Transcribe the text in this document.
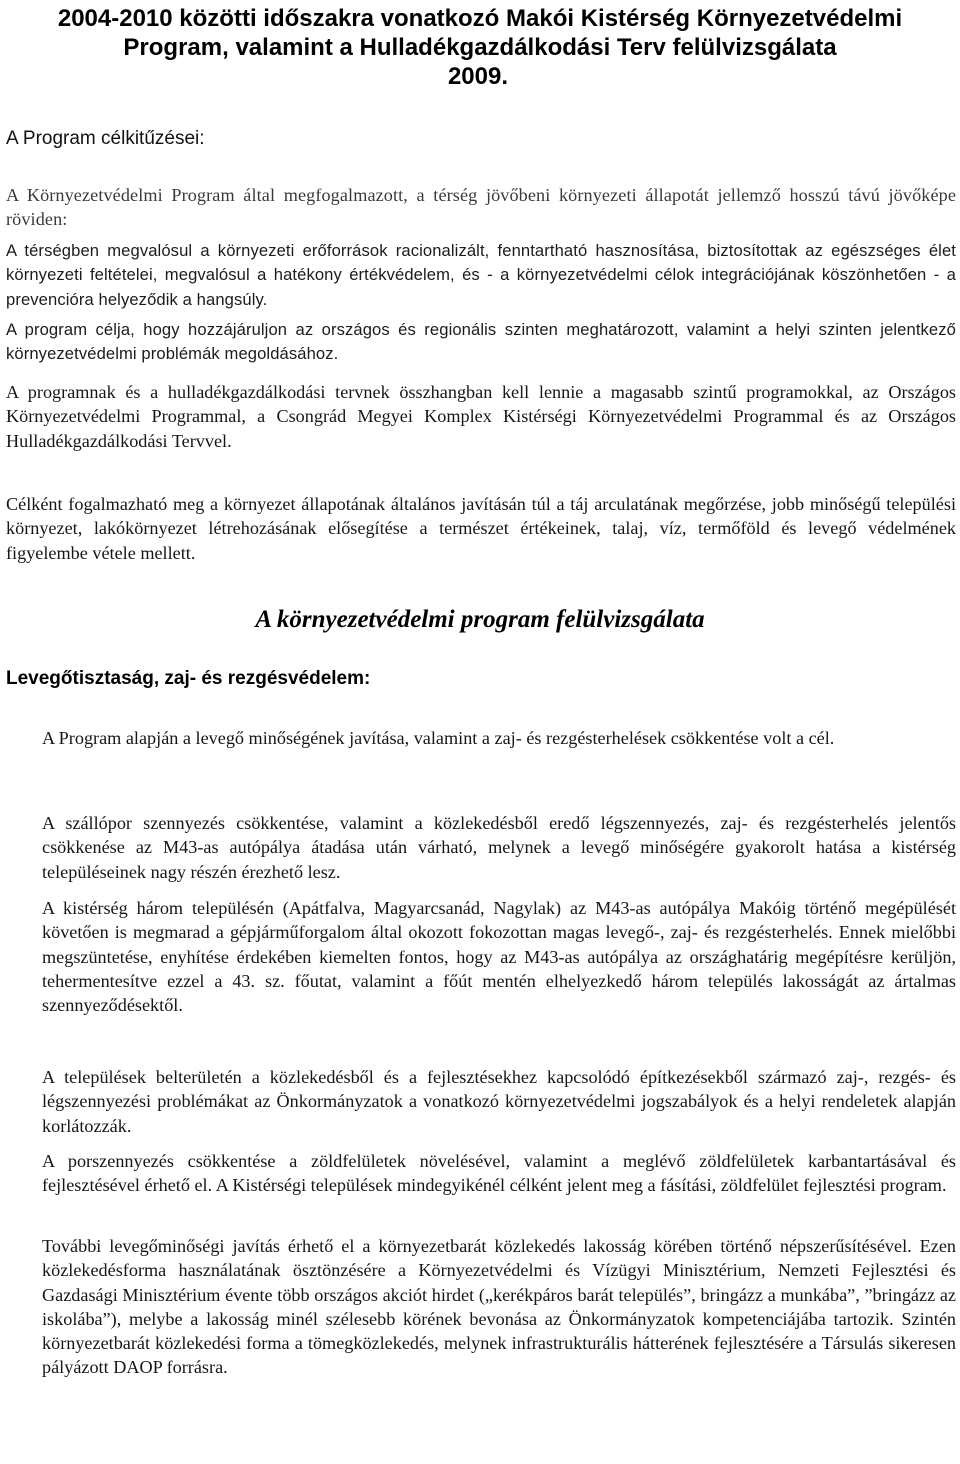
2004-2010 közötti időszakra vonatkozó Makói Kistérség Környezetvédelmi
Program, valamint a Hulladékgazdálkodási Terv felülvizsgálata
2009.

A Program célkitűzései:

A Környezetvédelmi Program által megfogalmazott, a térség jövőbeni környezeti állapotát jellemző hosszú távú jövőképe röviden:

A térségben megvalósul a környezeti erőforrások racionalizált, fenntartható hasznosítása, biztosítottak az egészséges élet környezeti feltételei, megvalósul a hatékony értékvédelem, és - a környezetvédelmi célok integrációjának köszönhetően - a prevencióra helyeződik a hangsúly.

A program célja, hogy hozzájáruljon az országos és regionális szinten meghatározott, valamint a helyi szinten jelentkező környezetvédelmi problémák megoldásához.

A programnak és a hulladékgazdálkodási tervnek összhangban kell lennie a magasabb szintű programokkal, az Országos Környezetvédelmi Programmal, a Csongrád Megyei Komplex Kistérségi Környezetvédelmi Programmal és az Országos Hulladékgazdálkodási Tervvel.

Célként fogalmazható meg a környezet állapotának általános javításán túl a táj arculatának megőrzése, jobb minőségű települési környezet, lakókörnyezet létrehozásának elősegítése a természet értékeinek, talaj, víz, termőföld és levegő védelmének figyelembe vétele mellett.

A környezetvédelmi program felülvizsgálata
Levegőtisztaság, zaj- és rezgésvédelem:

A Program alapján a levegő minőségének javítása, valamint a zaj- és rezgésterhelések csökkentése volt a cél.

A szállópor szennyezés csökkentése, valamint a közlekedésből eredő légszennyezés, zaj- és rezgésterhelés jelentős csökkenése az M43-as autópálya átadása után várható, melynek a levegő minőségére gyakorolt hatása a kistérség településeinek nagy részén érezhető lesz.

A kistérség három településén (Apátfalva, Magyarcsanád, Nagylak) az M43-as autópálya Makóig történő megépülését követően is megmarad a gépjárműforgalom által okozott fokozottan magas levegő-, zaj- és rezgésterhelés. Ennek mielőbbi megszüntetése, enyhítése érdekében kiemelten fontos, hogy az M43-as autópálya az országhatárig megépítésre kerüljön, tehermentesítve ezzel a 43. sz. főutat, valamint a főút mentén elhelyezkedő három település lakosságát az ártalmas szennyeződésektől.

A települések belterületén a közlekedésből és a fejlesztésekhez kapcsolódó építkezésekből származó zaj-, rezgés- és légszennyezési problémákat az Önkormányzatok a vonatkozó környezetvédelmi jogszabályok és a helyi rendeletek alapján korlátozzák.

A porszennyezés csökkentése a zöldfelületek növelésével, valamint a meglévő zöldfelületek karbantartásával és fejlesztésével érhető el. A Kistérségi települések mindegyikénél célként jelent meg a fásítási, zöldfelület fejlesztési program.

További levegőminőségi javítás érhető el a környezetbarát közlekedés lakosság körében történő népszerűsítésével. Ezen közlekedésforma használatának ösztönzésére a Környezetvédelmi és Vízügyi Minisztérium, Nemzeti Fejlesztési és Gazdasági Minisztérium évente több országos akciót hirdet („kerékpáros barát település”, bringázz a munkába”, ”bringázz az iskolába”), melybe a lakosság minél szélesebb körének bevonása az Önkormányzatok kompetenciájába tartozik. Szintén környezetbarát közlekedési forma a tömegközlekedés, melynek infrastrukturális hátterének fejlesztésére a Társulás sikeresen pályázott DAOP forrásra.
